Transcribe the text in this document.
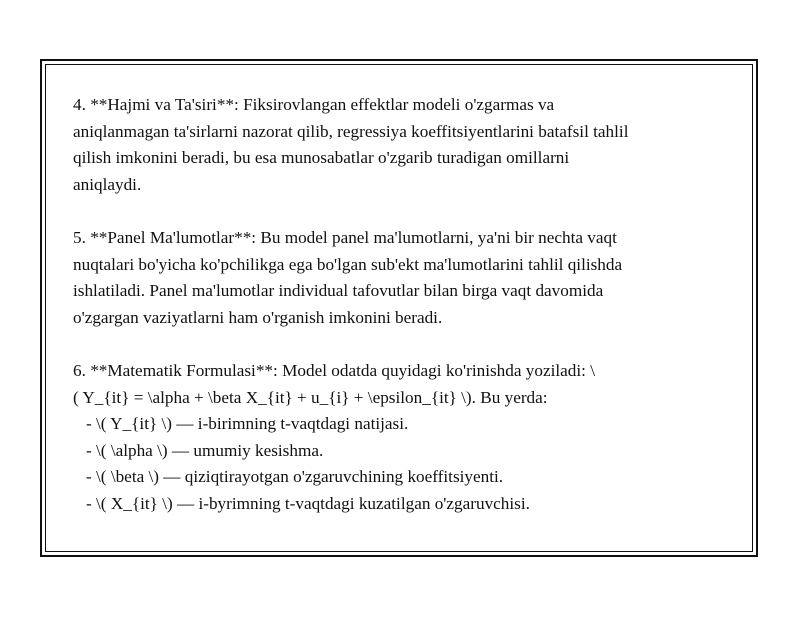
4. **Hajmi va Ta'siri**: Fiksirovlangan effektlar modeli o'zgarmas va
aniqlanmagan ta'sirlarni nazorat qilib, regressiya koeffitsiyentlarini batafsil tahlil
qilish imkonini beradi, bu esa munosabatlar o'zgarib turadigan omillarni
aniqlaydi.

5. **Panel Ma'lumotlar**: Bu model panel ma'lumotlarni, ya'ni bir nechta vaqt
nuqtalari bo'yicha ko'pchilikga ega bo'lgan sub'ekt ma'lumotlarini tahlil qilishda
ishlatiladi. Panel ma'lumotlar individual tafovutlar bilan birga vaqt davomida
o'zgargan vaziyatlarni ham o'rganish imkonini beradi.

6. **Matematik Formulasi**: Model odatda quyidagi ko'rinishda yoziladi: \
( Y_{it} = \alpha + \beta X_{it} + u_{i} + \epsilon_{it} \). Bu yerda:
- \( Y_{it} \) — i-birimning t-vaqtdagi natijasi.
- \( \alpha \) — umumiy kesishma.
- \( \beta \) — qiziqtirayotgan o'zgaruvchining koeffitsiyenti.
- \( X_{it} \) — i-byrimning t-vaqtdagi kuzatilgan o'zgaruvchisi.
